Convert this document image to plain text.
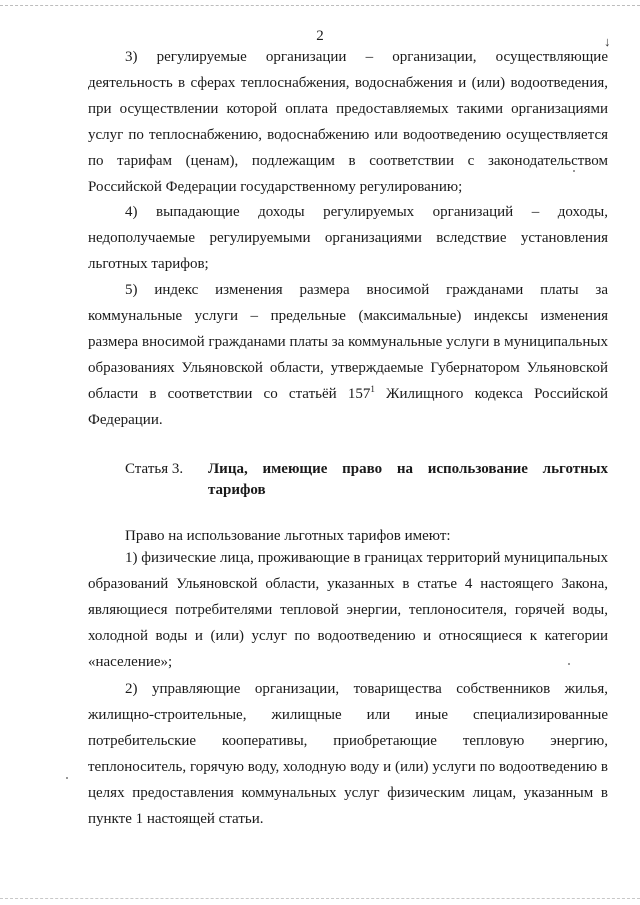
2	↓

3) регулируемые организации – организации, осуществляющие деятельность в сферах теплоснабжения, водоснабжения и (или) водоотведения, при осуществлении которой оплата предоставляемых такими организациями услуг по теплоснабжению, водоснабжению или водоотведению осуществляется по тарифам (ценам), подлежащим в соответствии с законодательством Российской Федерации государственному регулированию;

4) выпадающие доходы регулируемых организаций – доходы, недополучаемые регулируемыми организациями вследствие установления льготных тарифов;

5) индекс изменения размера вносимой гражданами платы за коммунальные услуги – предельные (максимальные) индексы изменения размера вносимой гражданами платы за коммунальные услуги в муниципальных образованиях Ульяновской области, утверждаемые Губернатором Ульяновской области в соответствии со статьёй $157^1$ Жилищного кодекса Российской Федерации.

Статья 3. Лица, имеющие право на использование льготных тарифов

Право на использование льготных тарифов имеют:

1) физические лица, проживающие в границах территорий муниципальных образований Ульяновской области, указанных в статье 4 настоящего Закона, являющиеся потребителями тепловой энергии, теплоносителя, горячей воды, холодной воды и (или) услуг по водоотведению и относящиеся к категории «население»;

2) управляющие организации, товарищества собственников жилья, жилищно-строительные, жилищные или иные специализированные потребительские кооперативы, приобретающие тепловую энергию, теплоноситель, горячую воду, холодную воду и (или) услуги по водоотведению в целях предоставления коммунальных услуг физическим лицам, указанным в пункте 1 настоящей статьи.
